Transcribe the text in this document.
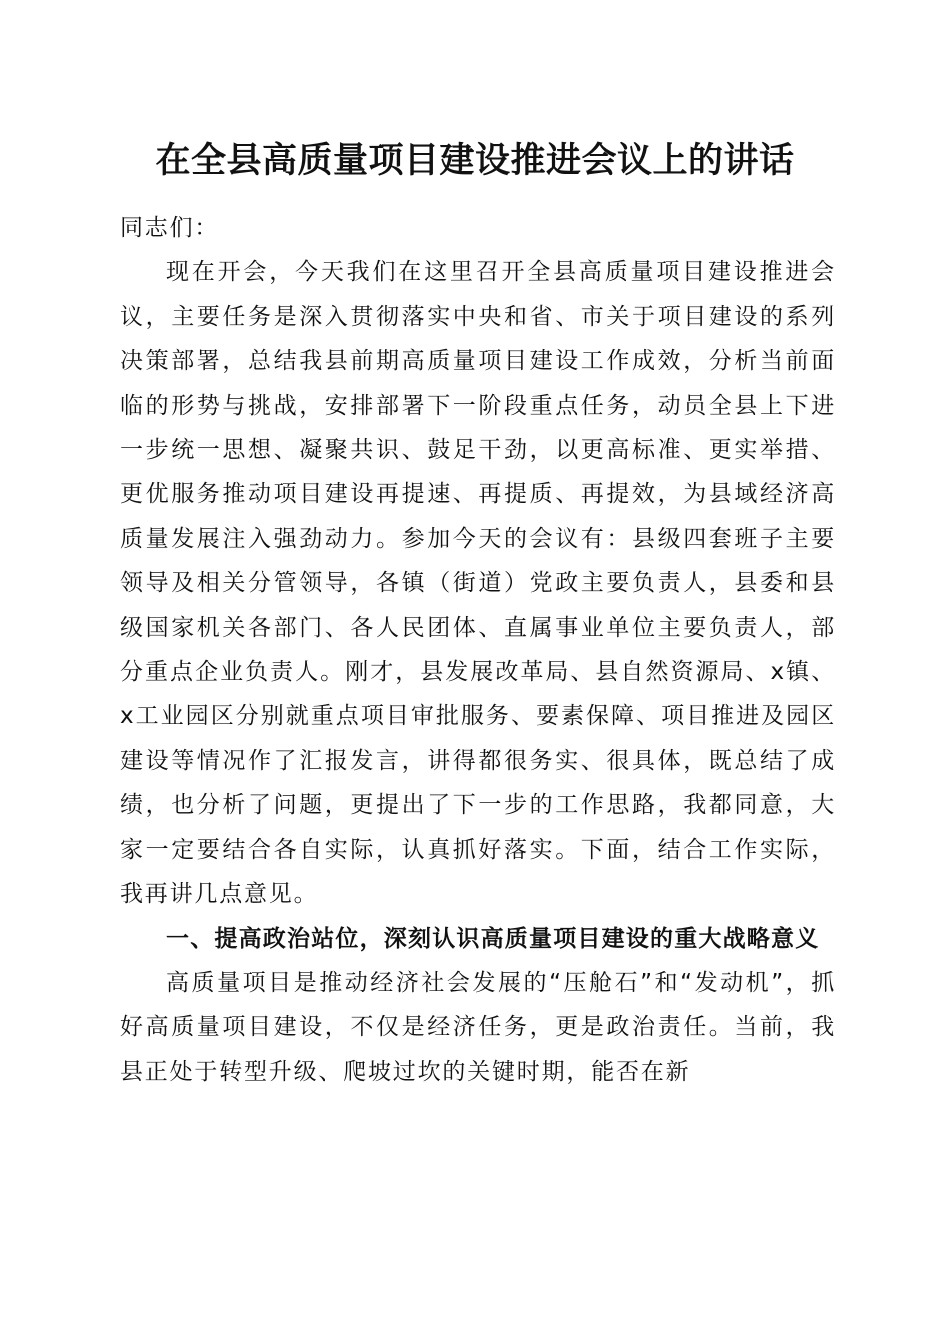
在全县高质量项目建设推进会议上的讲话

同志们：

现在开会，今天我们在这里召开全县高质量项目建设推进会议，主要任务是深入贯彻落实中央和省、市关于项目建设的系列决策部署，总结我县前期高质量项目建设工作成效，分析当前面临的形势与挑战，安排部署下一阶段重点任务，动员全县上下进一步统一思想、凝聚共识、鼓足干劲，以更高标准、更实举措、更优服务推动项目建设再提速、再提质、再提效，为县域经济高质量发展注入强劲动力。参加今天的会议有：县级四套班子主要领导及相关分管领导，各镇（街道）党政主要负责人，县委和县级国家机关各部门、各人民团体、直属事业单位主要负责人，部分重点企业负责人。刚才，县发展改革局、县自然资源局、x镇、x工业园区分别就重点项目审批服务、要素保障、项目推进及园区建设等情况作了汇报发言，讲得都很务实、很具体，既总结了成绩，也分析了问题，更提出了下一步的工作思路，我都同意，大家一定要结合各自实际，认真抓好落实。下面，结合工作实际，我再讲几点意见。

一、提高政治站位，深刻认识高质量项目建设的重大战略意义

高质量项目是推动经济社会发展的“压舱石”和“发动机”，抓好高质量项目建设，不仅是经济任务，更是政治责任。当前，我县正处于转型升级、爬坡过坎的关键时期，能否在新
